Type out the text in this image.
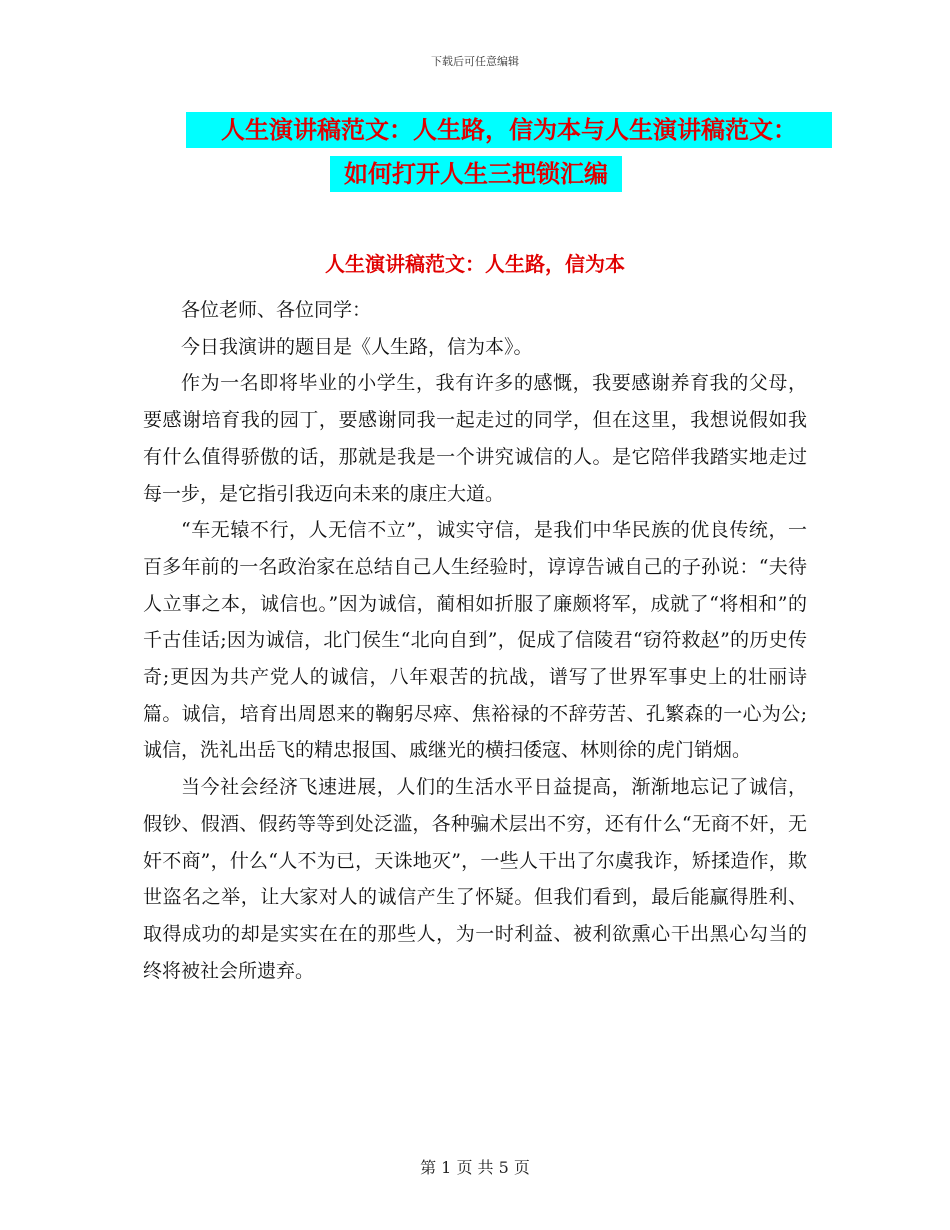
下载后可任意编辑
人生演讲稿范文：人生路，信为本与人生演讲稿范文：
如何打开人生三把锁汇编
人生演讲稿范文：人生路，信为本

各位老师、各位同学：

今日我演讲的题目是《人生路，信为本》。

作为一名即将毕业的小学生，我有许多的感慨，我要感谢养育我的父母，要感谢培育我的园丁，要感谢同我一起走过的同学，但在这里，我想说假如我有什么值得骄傲的话，那就是我是一个讲究诚信的人。是它陪伴我踏实地走过每一步，是它指引我迈向未来的康庄大道。

“车无辕不行，人无信不立”，诚实守信，是我们中华民族的优良传统，一百多年前的一名政治家在总结自己人生经验时，谆谆告诫自己的子孙说：“夫待人立事之本，诚信也。”因为诚信，蔺相如折服了廉颇将军，成就了“将相和”的千古佳话;因为诚信，北门侯生“北向自到”，促成了信陵君“窃符救赵”的历史传奇;更因为共产党人的诚信，八年艰苦的抗战，谱写了世界军事史上的壮丽诗篇。诚信，培育出周恩来的鞠躬尽瘁、焦裕禄的不辞劳苦、孔繁森的一心为公;诚信，洗礼出岳飞的精忠报国、戚继光的横扫倭寇、林则徐的虎门销烟。

当今社会经济飞速进展，人们的生活水平日益提高，渐渐地忘记了诚信，假钞、假酒、假药等等到处泛滥，各种骗术层出不穷，还有什么“无商不奸，无奸不商”，什么“人不为已，天诛地灭”，一些人干出了尔虞我诈，矫揉造作，欺世盗名之举，让大家对人的诚信产生了怀疑。但我们看到，最后能赢得胜利、取得成功的却是实实在在的那些人，为一时利益、被利欲熏心干出黑心勾当的终将被社会所遗弃。

第 1 页 共 5 页
